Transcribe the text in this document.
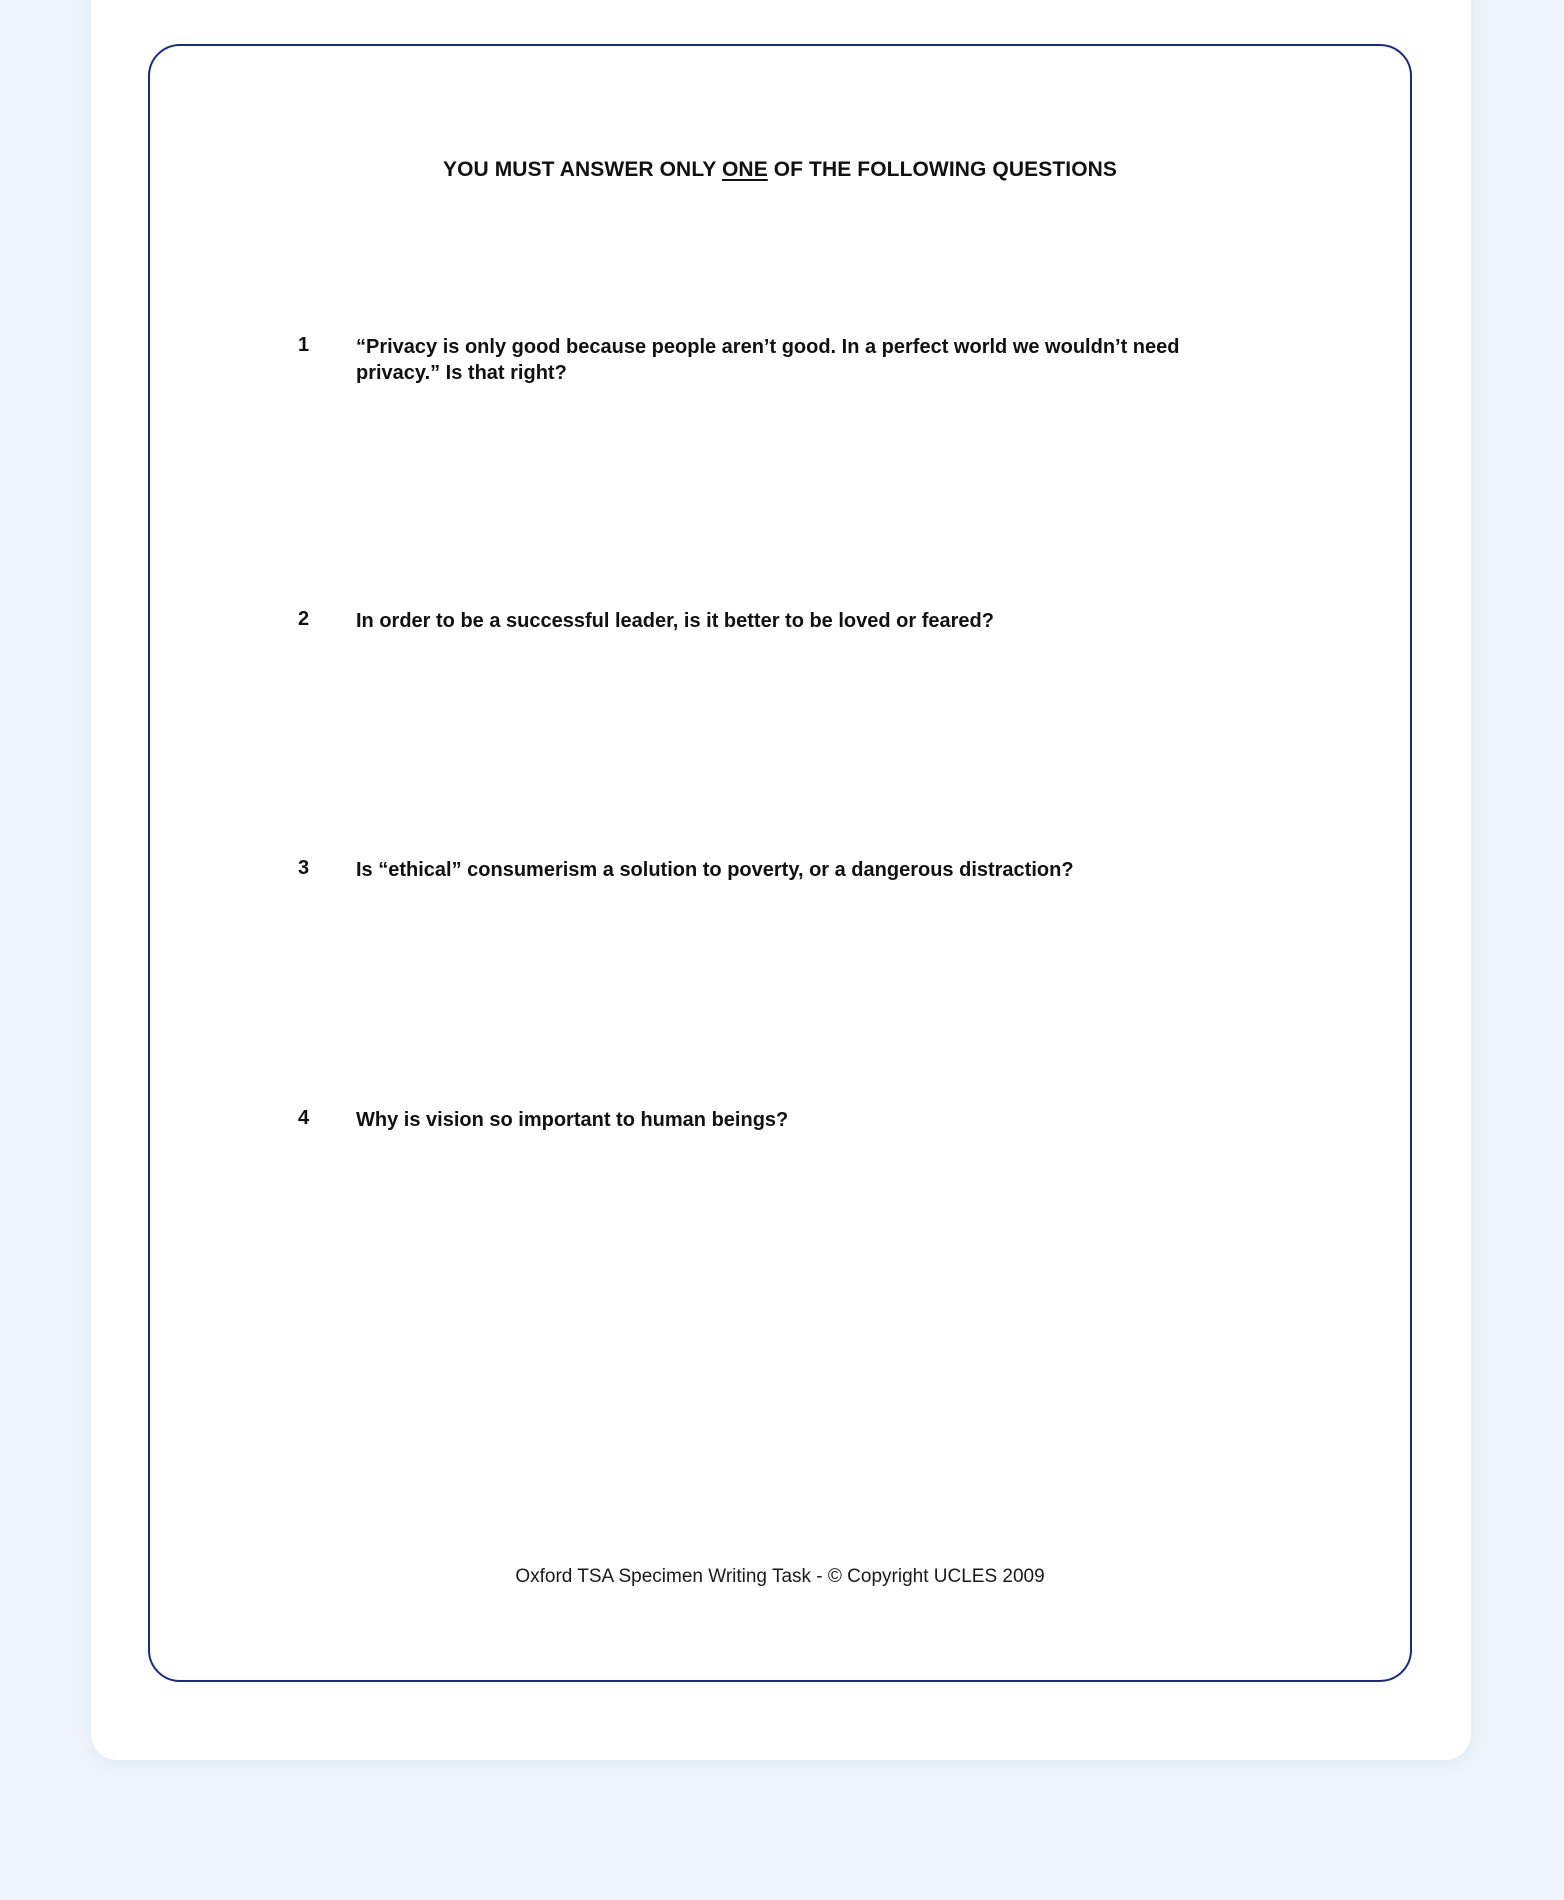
YOU MUST ANSWER ONLY ONE OF THE FOLLOWING QUESTIONS
1 “Privacy is only good because people aren’t good. In a perfect world we wouldn’t need privacy.” Is that right?
2 In order to be a successful leader, is it better to be loved or feared?
3 Is “ethical” consumerism a solution to poverty, or a dangerous distraction?
4 Why is vision so important to human beings?
Oxford TSA Specimen Writing Task - © Copyright UCLES 2009
